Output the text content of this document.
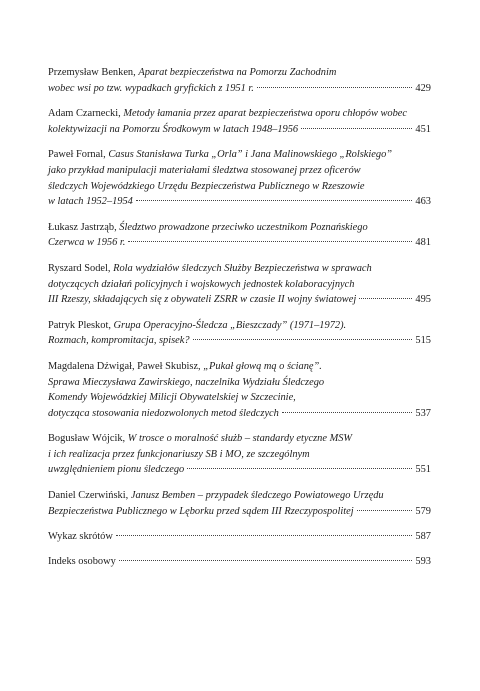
Przemysław Benken, Aparat bezpieczeństwa na Pomorzu Zachodnim
wobec wsi po tzw. wypadkach gryfickich z 1951 r.	429
Adam Czarnecki, Metody łamania przez aparat bezpieczeństwa oporu chłopów wobec
kolektywizacji na Pomorzu Środkowym w latach 1948–1956	451
Paweł Fornal, Casus Stanisława Turka „Orla” i Jana Malinowskiego „Rolskiego”
jako przykład manipulacji materiałami śledztwa stosowanej przez oficerów
śledczych Wojewódzkiego Urzędu Bezpieczeństwa Publicznego w Rzeszowie
w latach 1952–1954	463
Łukasz Jastrząb, Śledztwo prowadzone przeciwko uczestnikom Poznańskiego
Czerwca w 1956 r.	481
Ryszard Sodel, Rola wydziałów śledczych Służby Bezpieczeństwa w sprawach
dotyczących działań policyjnych i wojskowych jednostek kolaboracyjnych
III Rzeszy, składających się z obywateli ZSRR w czasie II wojny światowej	495
Patryk Pleskot, Grupa Operacyjno-Śledcza „Bieszczady” (1971–1972).
Rozmach, kompromitacja, spisek?	515
Magdalena Dźwigał, Paweł Skubisz, „Pukał głową mą o ścianę”.
Sprawa Mieczysława Zawirskiego, naczelnika Wydziału Śledczego
Komendy Wojewódzkiej Milicji Obywatelskiej w Szczecinie,
dotycząca stosowania niedozwolonych metod śledczych	537
Bogusław Wójcik, W trosce o moralność służb – standardy etyczne MSW
i ich realizacja przez funkcjonariuszy SB i MO, ze szczególnym
uwzględnieniem pionu śledczego	551
Daniel Czerwiński, Janusz Bemben – przypadek śledczego Powiatowego Urzędu
Bezpieczeństwa Publicznego w Lęborku przed sądem III Rzeczypospolitej	579
Wykaz skrótów	587
Indeks osobowy	593
